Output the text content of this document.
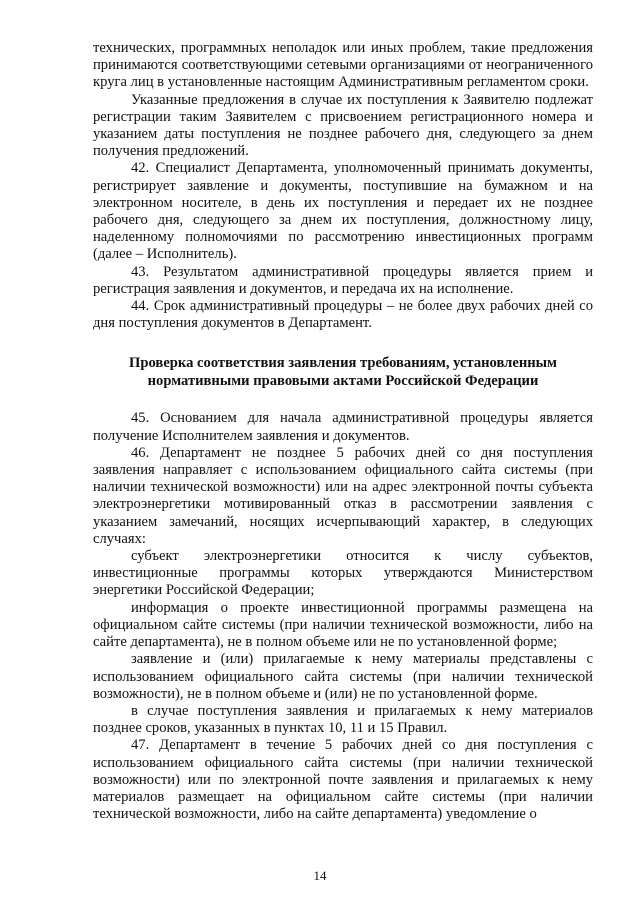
технических, программных неполадок или иных проблем, такие предложения принимаются соответствующими сетевыми организациями от неограниченного круга лиц в установленные настоящим Административным регламентом сроки.

Указанные предложения в случае их поступления к Заявителю подлежат регистрации таким Заявителем с присвоением регистрационного номера и указанием даты поступления не позднее рабочего дня, следующего за днем получения предложений.

42. Специалист Департамента, уполномоченный принимать документы, регистрирует заявление и документы, поступившие на бумажном и на электронном носителе, в день их поступления и передает их не позднее рабочего дня, следующего за днем их поступления, должностному лицу, наделенному полномочиями по рассмотрению инвестиционных программ (далее – Исполнитель).

43. Результатом административной процедуры является прием и регистрация заявления и документов, и передача их на исполнение.

44. Срок административный процедуры – не более двух рабочих дней со дня поступления документов в Департамент.

Проверка соответствия заявления требованиям, установленным
нормативными правовыми актами Российской Федерации

45. Основанием для начала административной процедуры является получение Исполнителем заявления и документов.

46. Департамент не позднее 5 рабочих дней со дня поступления заявления направляет с использованием официального сайта системы (при наличии технической возможности) или на адрес электронной почты субъекта электроэнергетики мотивированный отказ в рассмотрении заявления с указанием замечаний, носящих исчерпывающий характер, в следующих случаях:

субъект электроэнергетики относится к числу субъектов, инвестиционные программы которых утверждаются Министерством энергетики Российской Федерации;

информация о проекте инвестиционной программы размещена на официальном сайте системы (при наличии технической возможности, либо на сайте департамента), не в полном объеме или не по установленной форме;

заявление и (или) прилагаемые к нему материалы представлены с использованием официального сайта системы (при наличии технической возможности), не в полном объеме и (или) не по установленной форме.

в случае поступления заявления и прилагаемых к нему материалов позднее сроков, указанных в пунктах 10, 11 и 15 Правил.

47. Департамент в течение 5 рабочих дней со дня поступления с использованием официального сайта системы (при наличии технической возможности) или по электронной почте заявления и прилагаемых к нему материалов размещает на официальном сайте системы (при наличии технической возможности, либо на сайте департамента) уведомление о

14
